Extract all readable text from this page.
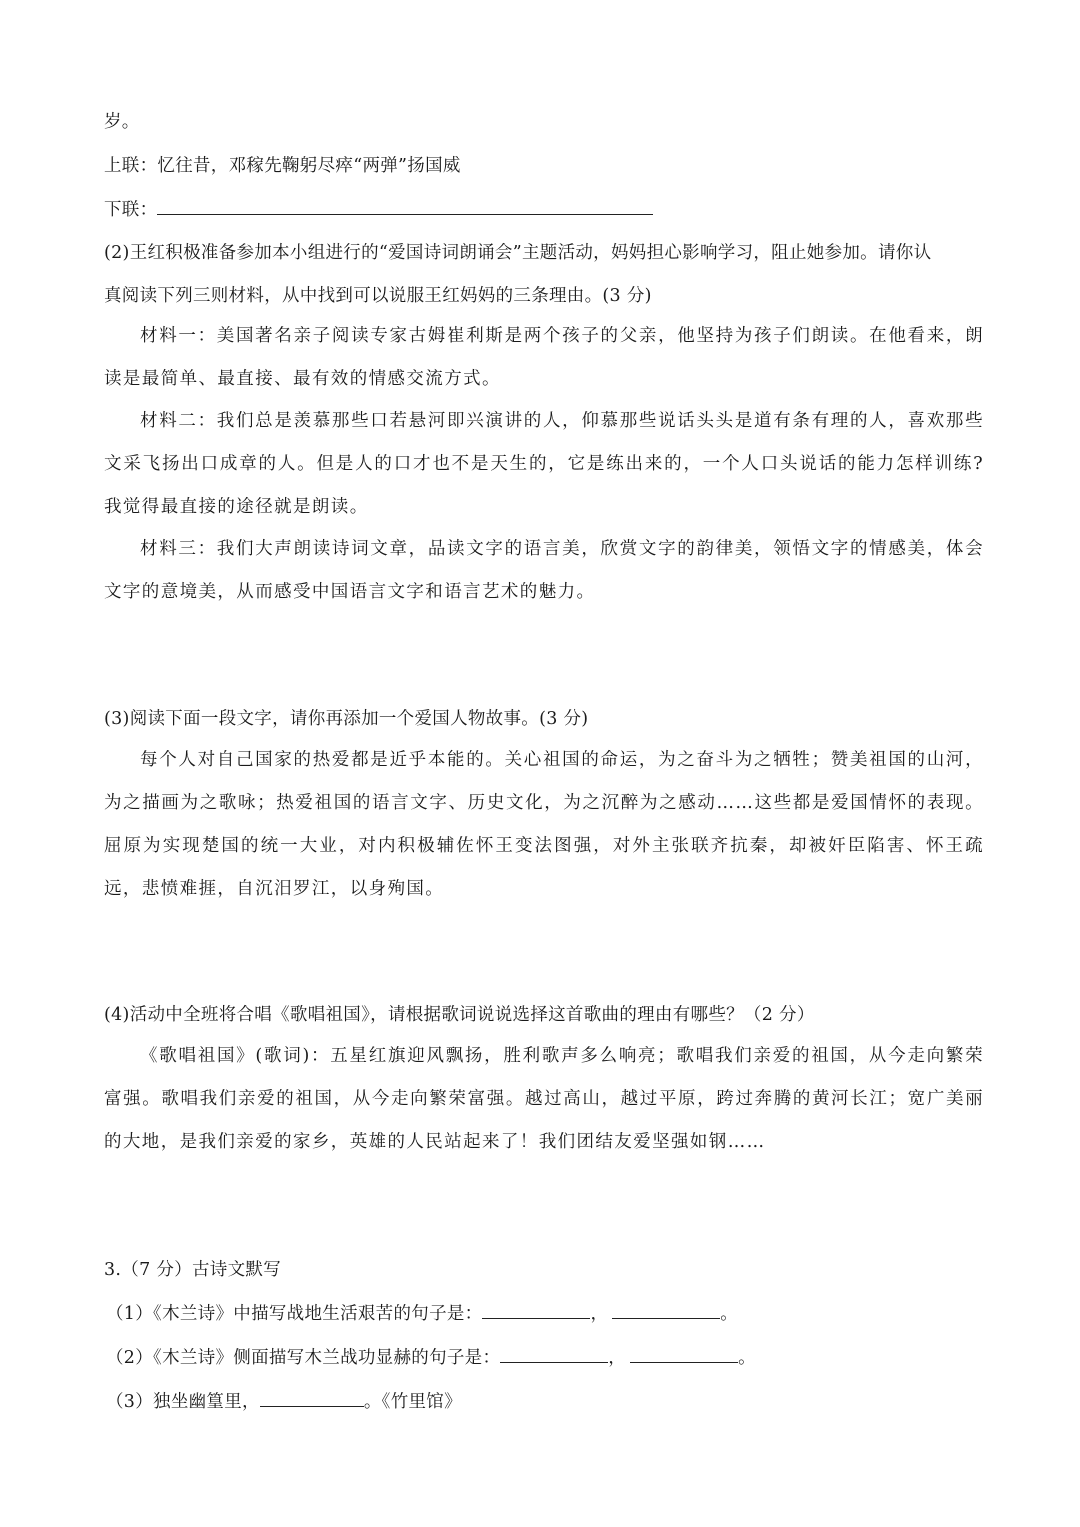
岁。
上联：忆往昔，邓稼先鞠躬尽瘁“两弹”扬国威
下联：
(2)王红积极准备参加本小组进行的“爱国诗词朗诵会”主题活动，妈妈担心影响学习，阻止她参加。请你认
真阅读下列三则材料，从中找到可以说服王红妈妈的三条理由。(3 分)
材料一：美国著名亲子阅读专家古姆崔利斯是两个孩子的父亲，他坚持为孩子们朗读。在他看来，朗读是最简单、最直接、最有效的情感交流方式。
材料二：我们总是羡慕那些口若悬河即兴演讲的人，仰慕那些说话头头是道有条有理的人，喜欢那些文采飞扬出口成章的人。但是人的口才也不是天生的，它是练出来的，一个人口头说话的能力怎样训练?我觉得最直接的途径就是朗读。
材料三：我们大声朗读诗词文章，品读文字的语言美，欣赏文字的韵律美，领悟文字的情感美，体会文字的意境美，从而感受中国语言文字和语言艺术的魅力。
(3)阅读下面一段文字，请你再添加一个爱国人物故事。(3 分)
每个人对自己国家的热爱都是近乎本能的。关心祖国的命运，为之奋斗为之牺牲；赞美祖国的山河，为之描画为之歌咏；热爱祖国的语言文字、历史文化，为之沉醉为之感动……这些都是爱国情怀的表现。屈原为实现楚国的统一大业，对内积极辅佐怀王变法图强，对外主张联齐抗秦，却被奸臣陷害、怀王疏远，悲愤难捱，自沉汨罗江，以身殉国。
(4)活动中全班将合唱《歌唱祖国》，请根据歌词说说选择这首歌曲的理由有哪些？（2 分）
《歌唱祖国》(歌词)：五星红旗迎风飘扬，胜利歌声多么响亮；歌唱我们亲爱的祖国，从今走向繁荣富强。歌唱我们亲爱的祖国，从今走向繁荣富强。越过高山，越过平原，跨过奔腾的黄河长江；宽广美丽的大地，是我们亲爱的家乡，英雄的人民站起来了！我们团结友爱坚强如钢……
3.（7 分）古诗文默写
（1）《木兰诗》中描写战地生活艰苦的句子是：	，	。
（2）《木兰诗》侧面描写木兰战功显赫的句子是：	，	。
（3）独坐幽篁里，	。《竹里馆》
